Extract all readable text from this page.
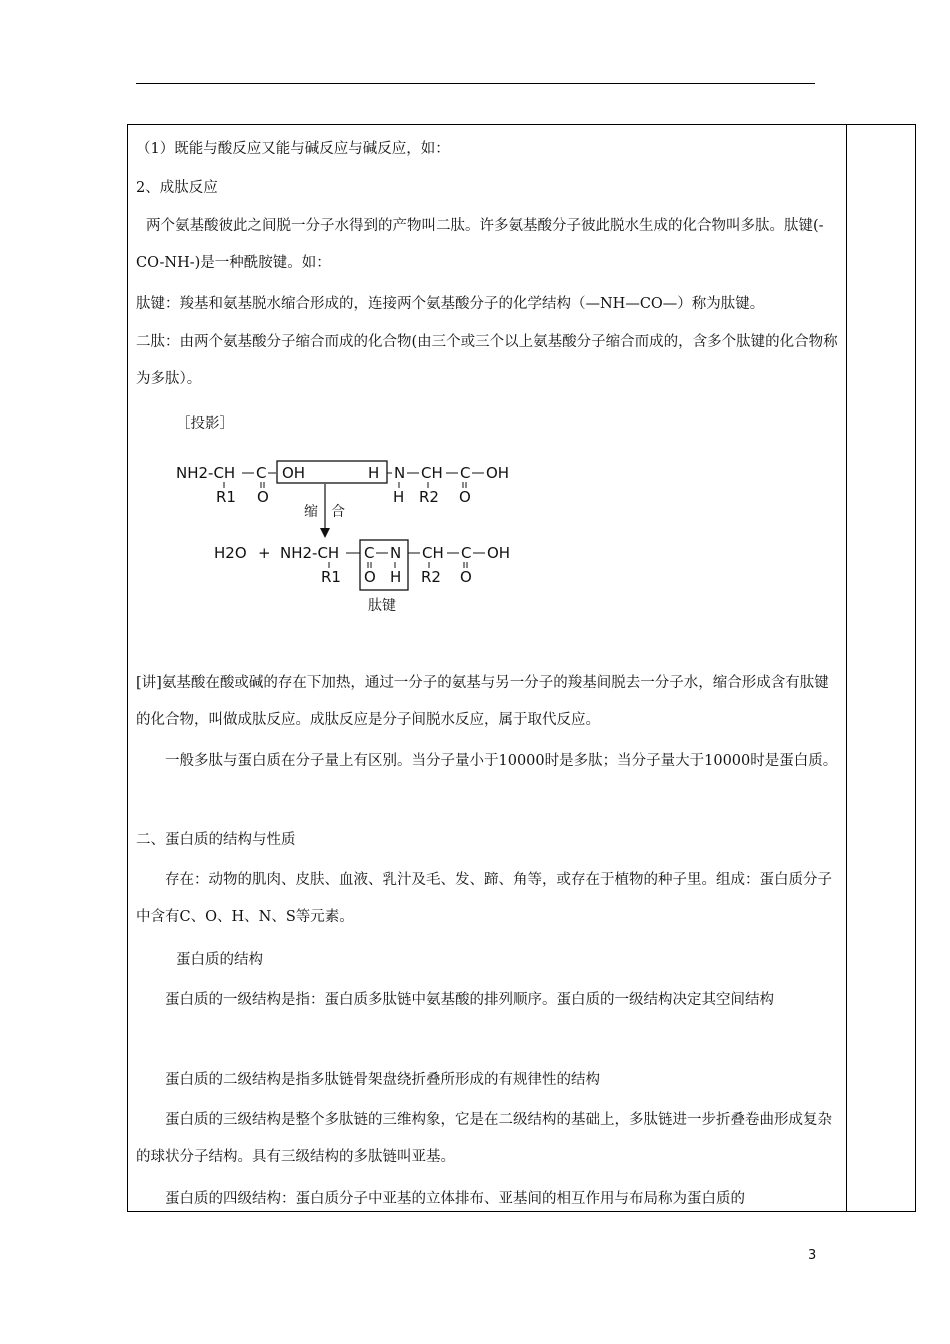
（1）既能与酸反应又能与碱反应与碱反应，如：
2、成肽反应
两个氨基酸彼此之间脱一分子水得到的产物叫二肽。许多氨基酸分子彼此脱水生成的化合物叫多肽。肽键(-CO-NH-)是一种酰胺键。如：
肽键：羧基和氨基脱水缩合形成的，连接两个氨基酸分子的化学结构（—NH—CO—）称为肽键。
二肽：由两个氨基酸分子缩合而成的化合物(由三个或三个以上氨基酸分子缩合而成的，含多个肽键的化合物称为多肽）。
［投影］
NH2-CH C OH	H N CH C OH
R1 O	H R2 O
缩 合
H2O + NH2-CH C N CH C OH
R1 O H R2 O
肽键
[讲]氨基酸在酸或碱的存在下加热，通过一分子的氨基与另一分子的羧基间脱去一分子水，缩合形成含有肽键的化合物，叫做成肽反应。成肽反应是分子间脱水反应，属于取代反应。
一般多肽与蛋白质在分子量上有区别。当分子量小于10000时是多肽；当分子量大于10000时是蛋白质。
二、蛋白质的结构与性质
存在：动物的肌肉、皮肤、血液、乳汁及毛、发、蹄、角等，或存在于植物的种子里。组成：蛋白质分子中含有C、O、H、N、S等元素。
蛋白质的结构
蛋白质的一级结构是指：蛋白质多肽链中氨基酸的排列顺序。蛋白质的一级结构决定其空间结构
蛋白质的二级结构是指多肽链骨架盘绕折叠所形成的有规律性的结构
蛋白质的三级结构是整个多肽链的三维构象，它是在二级结构的基础上，多肽链进一步折叠卷曲形成复杂的球状分子结构。具有三级结构的多肽链叫亚基。
蛋白质的四级结构：蛋白质分子中亚基的立体排布、亚基间的相互作用与布局称为蛋白质的
3
